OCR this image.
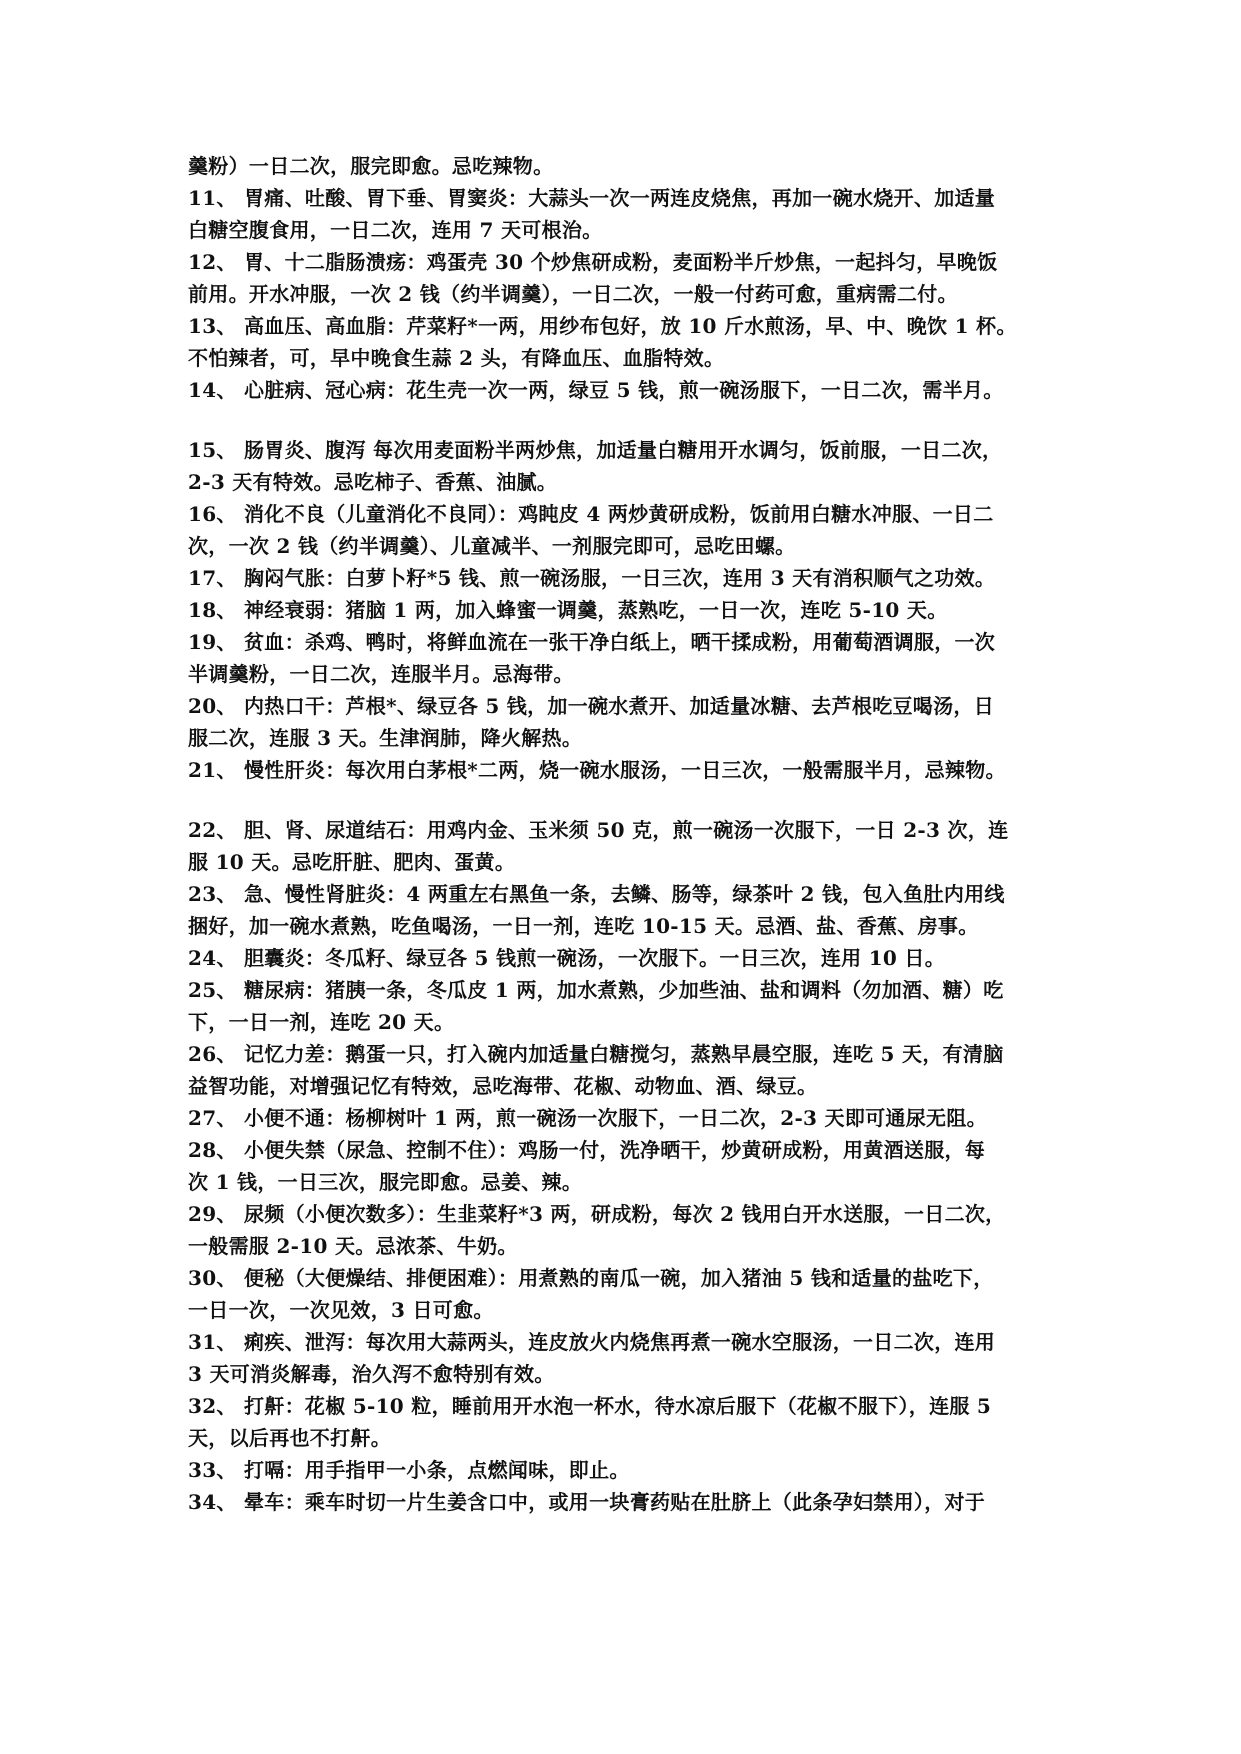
羹粉）一日二次，服完即愈。忌吃辣物。
11、 胃痛、吐酸、胃下垂、胃窦炎：大蒜头一次一两连皮烧焦，再加一碗水烧开、加适量
白糖空腹食用，一日二次，连用 7 天可根治。
12、 胃、十二脂肠溃疡：鸡蛋壳 30 个炒焦研成粉，麦面粉半斤炒焦，一起抖匀，早晚饭
前用。开水冲服，一次 2 钱（约半调羹），一日二次，一般一付药可愈，重病需二付。
13、 高血压、高血脂：芹菜籽*一两，用纱布包好，放 10 斤水煎汤，早、中、晚饮 1 杯。
不怕辣者，可，早中晚食生蒜 2 头，有降血压、血脂特效。
14、 心脏病、冠心病：花生壳一次一两，绿豆 5 钱，煎一碗汤服下，一日二次，需半月。
15、 肠胃炎、腹泻 每次用麦面粉半两炒焦，加适量白糖用开水调匀，饭前服，一日二次，
2-3 天有特效。忌吃柿子、香蕉、油腻。
16、 消化不良（儿童消化不良同）：鸡盹皮 4 两炒黄研成粉，饭前用白糖水冲服、一日二
次，一次 2 钱（约半调羹）、儿童减半、一剂服完即可，忌吃田螺。
17、 胸闷气胀：白萝卜籽*5 钱、煎一碗汤服，一日三次，连用 3 天有消积顺气之功效。
18、 神经衰弱：猪脑 1 两，加入蜂蜜一调羹，蒸熟吃，一日一次，连吃 5-10 天。
19、 贫血：杀鸡、鸭时，将鲜血流在一张干净白纸上，晒干揉成粉，用葡萄酒调服，一次
半调羹粉，一日二次，连服半月。忌海带。
20、 内热口干：芦根*、绿豆各 5 钱，加一碗水煮开、加适量冰糖、去芦根吃豆喝汤，日
服二次，连服 3 天。生津润肺，降火解热。
21、 慢性肝炎：每次用白茅根*二两，烧一碗水服汤，一日三次，一般需服半月，忌辣物。
22、 胆、肾、尿道结石：用鸡内金、玉米须 50 克，煎一碗汤一次服下，一日 2-3 次，连
服 10 天。忌吃肝脏、肥肉、蛋黄。
23、 急、慢性肾脏炎：4 两重左右黑鱼一条，去鳞、肠等，绿茶叶 2 钱，包入鱼肚内用线
捆好，加一碗水煮熟，吃鱼喝汤，一日一剂，连吃 10-15 天。忌酒、盐、香蕉、房事。
24、 胆囊炎：冬瓜籽、绿豆各 5 钱煎一碗汤，一次服下。一日三次，连用 10 日。
25、 糖尿病：猪胰一条，冬瓜皮 1 两，加水煮熟，少加些油、盐和调料（勿加酒、糖）吃
下，一日一剂，连吃 20 天。
26、 记忆力差：鹅蛋一只，打入碗内加适量白糖搅匀，蒸熟早晨空服，连吃 5 天，有清脑
益智功能，对增强记忆有特效，忌吃海带、花椒、动物血、酒、绿豆。
27、 小便不通：杨柳树叶 1 两，煎一碗汤一次服下，一日二次，2-3 天即可通尿无阻。
28、 小便失禁（尿急、控制不住）：鸡肠一付，洗净晒干，炒黄研成粉，用黄酒送服，每
次 1 钱，一日三次，服完即愈。忌姜、辣。
29、 尿频（小便次数多）：生韭菜籽*3 两，研成粉，每次 2 钱用白开水送服，一日二次，
一般需服 2-10 天。忌浓茶、牛奶。
30、 便秘（大便燥结、排便困难）：用煮熟的南瓜一碗，加入猪油 5 钱和适量的盐吃下，
一日一次，一次见效，3 日可愈。
31、 痢疾、泄泻：每次用大蒜两头，连皮放火内烧焦再煮一碗水空服汤，一日二次，连用
3 天可消炎解毒，治久泻不愈特别有效。
32、 打鼾：花椒 5-10 粒，睡前用开水泡一杯水，待水凉后服下（花椒不服下），连服 5
天，以后再也不打鼾。
33、 打嗝：用手指甲一小条，点燃闻味，即止。
34、 晕车：乘车时切一片生姜含口中，或用一块膏药贴在肚脐上（此条孕妇禁用），对于
